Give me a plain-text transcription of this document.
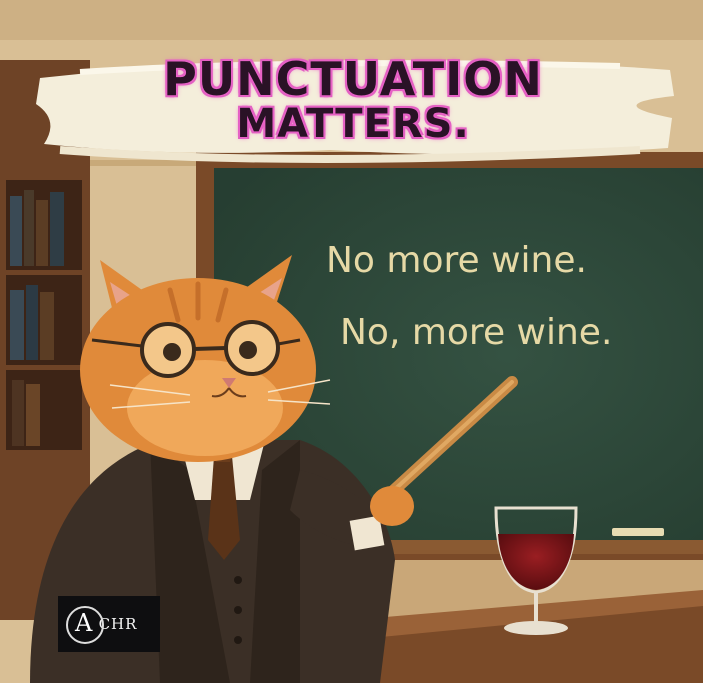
PUNCTUATION
MATTERS.
No more wine.
No, more wine.
A CHR
